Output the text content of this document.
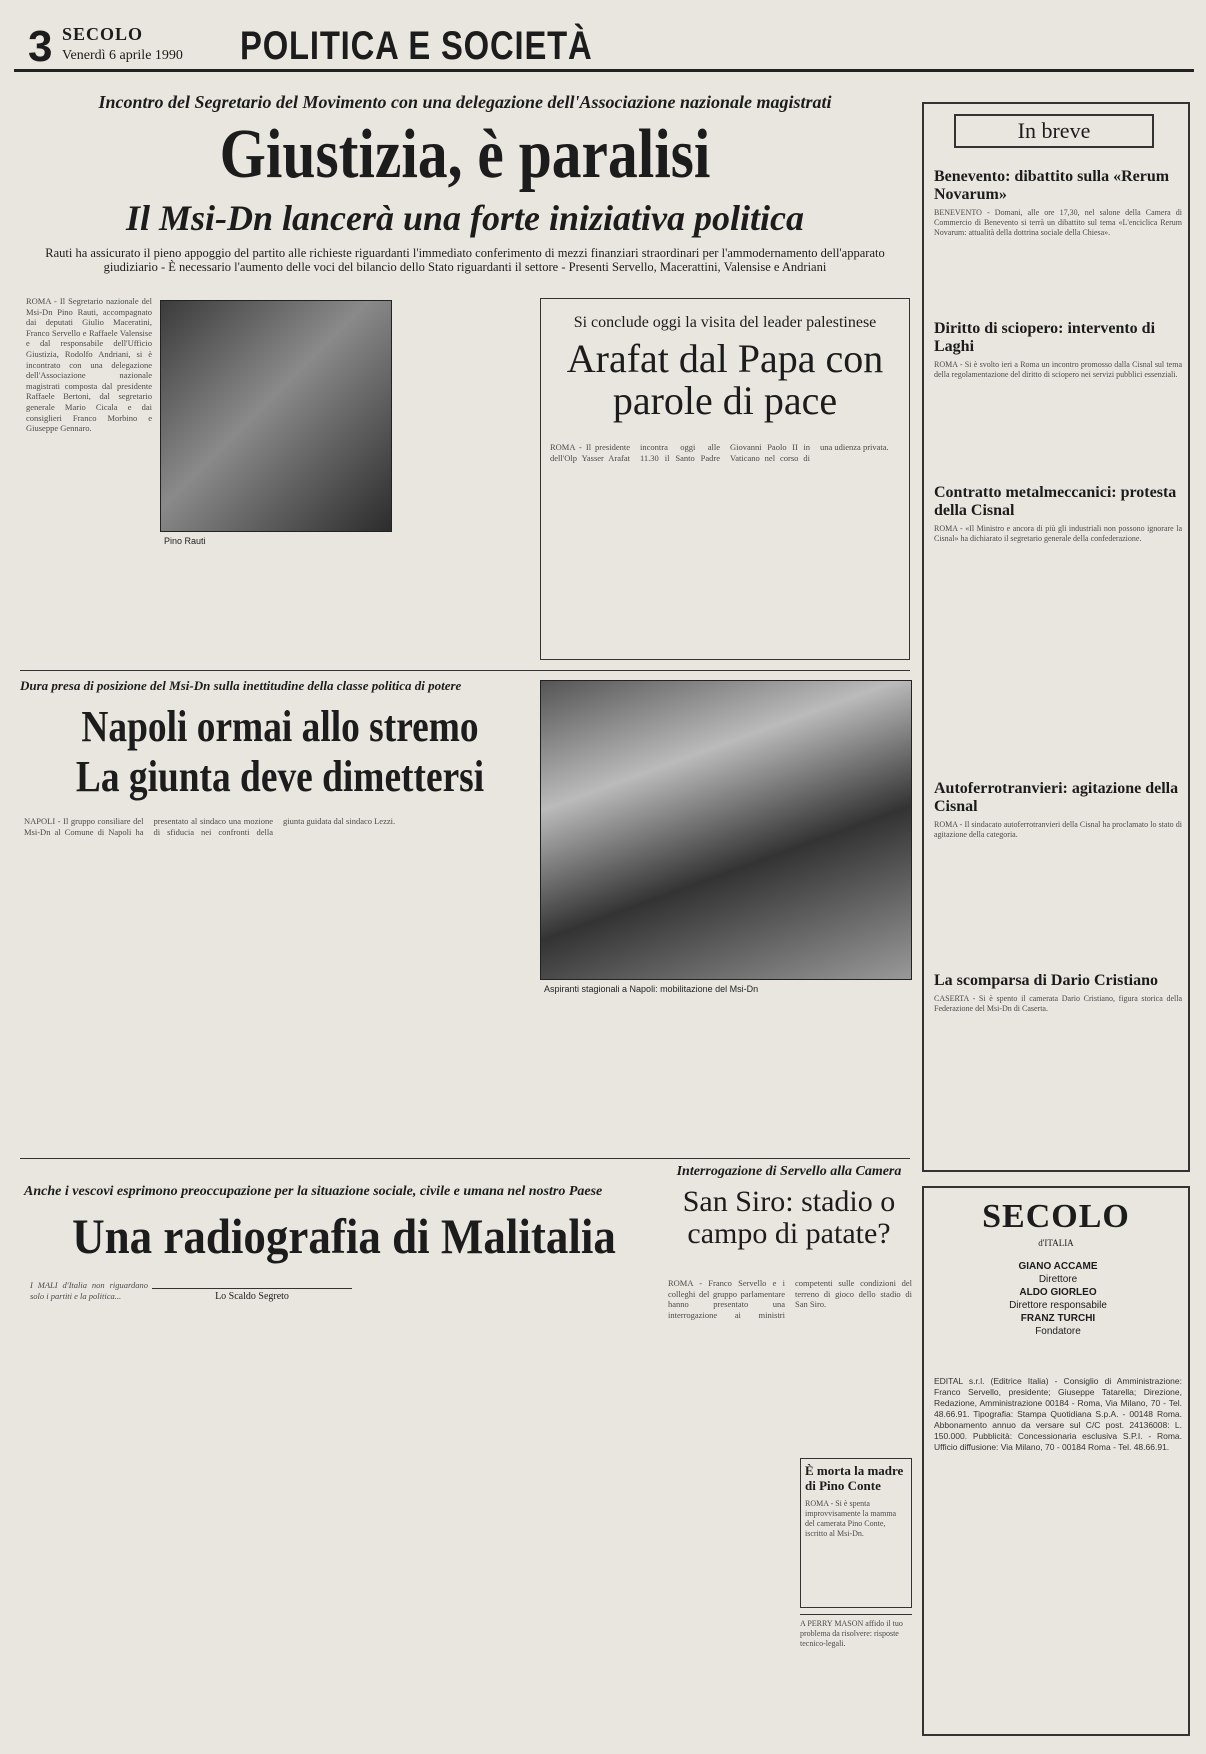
3 SECOLO
Venerdì 6 aprile 1990 POLITICA E SOCIETÀ
Incontro del Segretario del Movimento con una delegazione dell'Associazione nazionale magistrati
Giustizia, è paralisi
Il Msi-Dn lancerà una forte iniziativa politica
Rauti ha assicurato il pieno appoggio del partito alle richieste riguardanti l'immediato conferimento di mezzi finanziari straordinari per l'ammodernamento dell'apparato giudiziario - È necessario l'aumento delle voci del bilancio dello Stato riguardanti il settore - Presenti Servello, Macerattini, Valensise e Andriani
Pino Rauti
ROMA - Il Segretario nazionale del Msi-Dn Pino Rauti, accompagnato dai deputati Giulio Maceratini, Franco Servello e Raffaele Valensise e dal responsabile dell'Ufficio Giustizia, Rodolfo Andriani, si è incontrato con una delegazione dell'Associazione nazionale magistrati composta dal presidente Raffaele Bertoni, dal segretario generale Mario Cicala e dai consiglieri Franco Morbino e Giuseppe Gennaro.
Si conclude oggi la visita del leader palestinese
Arafat dal Papa con parole di pace
ROMA - Il presidente dell'Olp Yasser Arafat incontra oggi alle 11.30 il Santo Padre Giovanni Paolo II in Vaticano nel corso di una udienza privata.
Dura presa di posizione del Msi-Dn sulla inettitudine della classe politica di potere
Napoli ormai allo stremo
La giunta deve dimettersi
Aspiranti stagionali a Napoli: mobilitazione del Msi-Dn
NAPOLI - Il gruppo consiliare del Msi-Dn al Comune di Napoli ha presentato al sindaco una mozione di sfiducia nei confronti della giunta guidata dal sindaco Lezzi.
Anche i vescovi esprimono preoccupazione per la situazione sociale, civile e umana nel nostro Paese
Una radiografia di Malitalia
Lo Scaldo Segreto
I MALI d'Italia non riguardano solo i partiti e la politica...
Interrogazione di Servello alla Camera
San Siro: stadio o campo di patate?
ROMA - Franco Servello e i colleghi del gruppo parlamentare hanno presentato una interrogazione ai ministri competenti sulle condizioni del terreno di gioco dello stadio di San Siro.
È morta la madre di Pino Conte
ROMA - Si è spenta improvvisamente la mamma del camerata Pino Conte, iscritto al Msi-Dn.
A PERRY MASON affido il tuo problema da risolvere: risposte tecnico-legali.
In breve
Benevento: dibattito sulla «Rerum Novarum»
BENEVENTO - Domani, alle ore 17,30, nel salone della Camera di Commercio di Benevento si terrà un dibattito sul tema «L'enciclica Rerum Novarum: attualità della dottrina sociale della Chiesa».
Diritto di sciopero: intervento di Laghi
ROMA - Si è svolto ieri a Roma un incontro promosso dalla Cisnal sul tema della regolamentazione del diritto di sciopero nei servizi pubblici essenziali.
Contratto metalmeccanici: protesta della Cisnal
ROMA - «Il Ministro e ancora di più gli industriali non possono ignorare la Cisnal» ha dichiarato il segretario generale della confederazione.
Autoferrotranvieri: agitazione della Cisnal
ROMA - Il sindacato autoferrotranvieri della Cisnal ha proclamato lo stato di agitazione della categoria.
La scomparsa di Dario Cristiano
CASERTA - Si è spento il camerata Dario Cristiano, figura storica della Federazione del Msi-Dn di Caserta.
SECOLO
d'ITALIA
GIANO ACCAME
Direttore
ALDO GIORLEO
Direttore responsabile
FRANZ TURCHI
Fondatore
EDITAL s.r.l. (Editrice Italia) - Consiglio di Amministrazione: Franco Servello, presidente; Giuseppe Tatarella; Direzione, Redazione, Amministrazione 00184 - Roma, Via Milano, 70 - Tel. 48.66.91. Tipografia: Stampa Quotidiana S.p.A. - 00148 Roma. Abbonamento annuo da versare sul C/C post. 24136008: L. 150.000. Pubblicità: Concessionaria esclusiva S.P.I. - Roma. Ufficio diffusione: Via Milano, 70 - 00184 Roma - Tel. 48.66.91.
